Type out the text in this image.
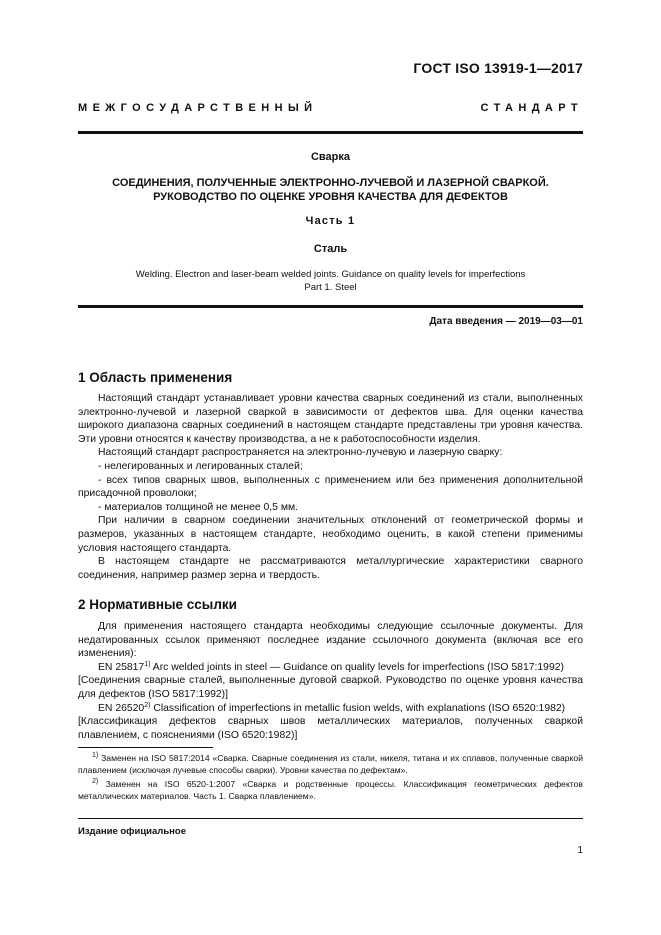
ГОСТ ISO 13919-1—2017
МЕЖГОСУДАРСТВЕННЫЙ СТАНДАРТ
Сварка
СОЕДИНЕНИЯ, ПОЛУЧЕННЫЕ ЭЛЕКТРОННО-ЛУЧЕВОЙ И ЛАЗЕРНОЙ СВАРКОЙ.
РУКОВОДСТВО ПО ОЦЕНКЕ УРОВНЯ КАЧЕСТВА ДЛЯ ДЕФЕКТОВ
Часть 1
Сталь
Welding. Electron and laser-beam welded joints. Guidance on quality levels for imperfections
Part 1. Steel
Дата введения — 2019—03—01
1 Область применения

Настоящий стандарт устанавливает уровни качества сварных соединений из стали, выполненных электронно-лучевой и лазерной сваркой в зависимости от дефектов шва. Для оценки качества широкого диапазона сварных соединений в настоящем стандарте представлены три уровня качества. Эти уровни относятся к качеству производства, а не к работоспособности изделия.

Настоящий стандарт распространяется на электронно-лучевую и лазерную сварку:

- нелегированных и легированных сталей;

- всех типов сварных швов, выполненных с применением или без применения дополнительной присадочной проволоки;

- материалов толщиной не менее 0,5 мм.

При наличии в сварном соединении значительных отклонений от геометрической формы и размеров, указанных в настоящем стандарте, необходимо оценить, в какой степени применимы условия настоящего стандарта.

В настоящем стандарте не рассматриваются металлургические характеристики сварного соединения, например размер зерна и твердость.

2 Нормативные ссылки

Для применения настоящего стандарта необходимы следующие ссылочные документы. Для недатированных ссылок применяют последнее издание ссылочного документа (включая все его изменения):

EN 25817$^{1)}$ Arc welded joints in steel — Guidance on quality levels for imperfections (ISO 5817:1992)

[Соединения сварные сталей, выполненные дуговой сваркой. Руководство по оценке уровня качества для дефектов (ISO 5817:1992)]

EN 26520$^{2)}$ Classification of imperfections in metallic fusion welds, with explanations (ISO 6520:1982)

[Классификация дефектов сварных швов металлических материалов, полученных сваркой плавлением, с пояснениями (ISO 6520:1982)]

$^{1)}$ Заменен на ISO 5817:2014 «Сварка. Сварные соединения из стали, никеля, титана и их сплавов, полученные сваркой плавлением (исключая лучевые способы сварки). Уровни качества по дефектам».

$^{2)}$ Заменен на ISO 6520-1:2007 «Сварка и родственные процессы. Классификация геометрических дефектов металлических материалов. Часть 1. Сварка плавлением».

Издание официальное
1
